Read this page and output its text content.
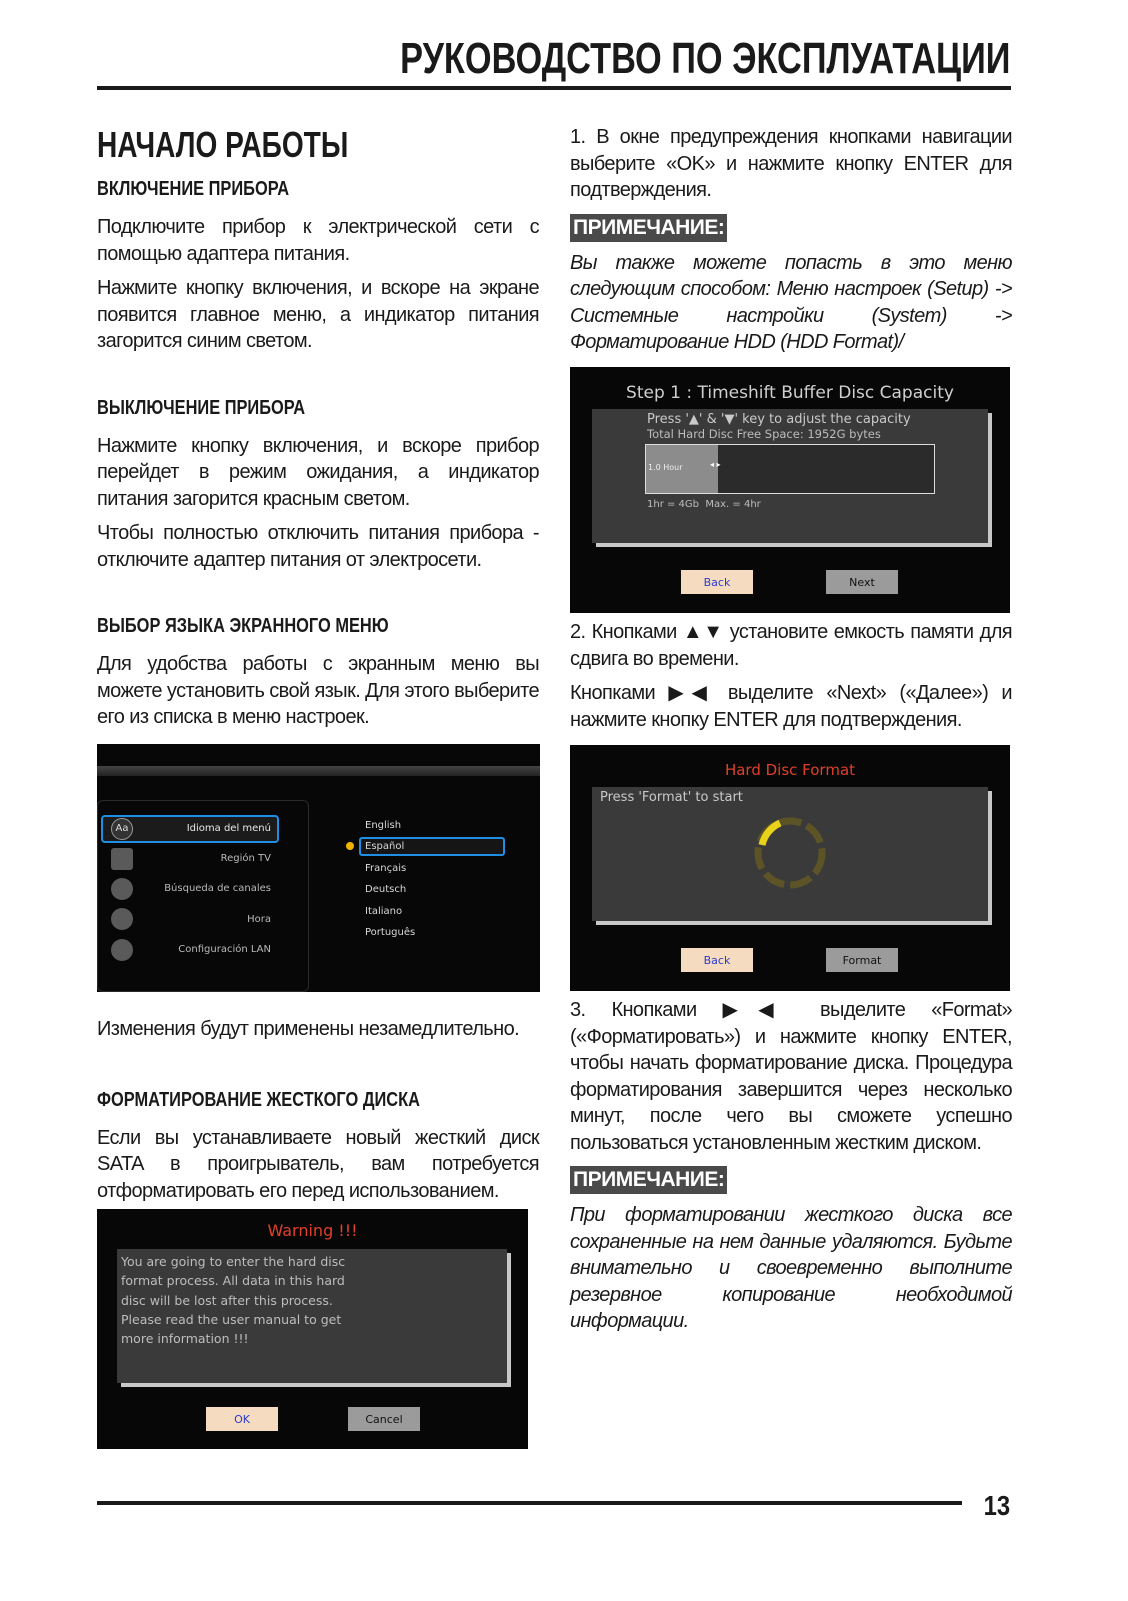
РУКОВОДСТВО ПО ЭКСПЛУАТАЦИИ
НАЧАЛО РАБОТЫ
ВКЛЮЧЕНИЕ ПРИБОРА

Подключите прибор к электрической сети с помощью адаптера питания.

Нажмите кнопку включения, и вскоре на экране появится главное меню, а индикатор питания загорится синим светом.

ВЫКЛЮЧЕНИЕ ПРИБОРА

Нажмите кнопку включения, и вскоре прибор перейдет в режим ожидания, а индикатор питания загорится красным светом.

Чтобы полностью отключить питания прибора - отключите адаптер питания от электросети.

ВЫБОР ЯЗЫКА ЭКРАННОГО МЕНЮ

Для удобства работы с экранным меню вы можете установить свой язык. Для этого выберите его из списка в меню настроек.

Aa	Idioma del menú
Región TV
Búsqueda de canales
Hora
Configuración LAN
English
Español
Français
Deutsch
Italiano
Português

Изменения будут применены незамедлительно.

ФОРМАТИРОВАНИЕ ЖЕСТКОГО ДИСКА

Если вы устанавливаете новый жесткий диск SATA в проигрыватель, вам потребуется отформатировать его перед использованием.

Warning !!!
You are going to enter the hard disc
format process. All data in this hard
disc will be lost after this process.
Please read the user manual to get
more information !!!
OK	Cancel

1. В окне предупреждения кнопками навигации выберите «OK» и нажмите кнопку ENTER для подтверждения.

ПРИМЕЧАНИЕ:

Вы также можете попасть в это меню следующим способом: Меню настроек (Setup) -> Системные настройки (System) -> Форматирование HDD (HDD Format)/

Step 1 : Timeshift Buffer Disc Capacity
Press '▲' & '▼' key to adjust the capacity
Total Hard Disc Free Space: 1952G bytes
1.0 Hour	◂ ▸
1hr = 4Gb  Max. = 4hr
Back	Next

2. Кнопками ▲▼ установите емкость памяти для сдвига во времени.

Кнопками ▶◀ выделите «Next» («Далее») и нажмите кнопку ENTER для подтверждения.

Hard Disc Format
Press 'Format' to start
Back	Format

3. Кнопками ▶◀ выделите «Format» («Форматировать») и нажмите кнопку ENTER, чтобы начать форматирование диска. Процедура форматирования завершится через несколько минут, после чего вы сможете успешно пользоваться установленным жестким диском.

ПРИМЕЧАНИЕ:

При форматировании жесткого диска все сохраненные на нем данные удаляются. Будьте внимательно и своевременно выполните резервное копирование необходимой информации.

13
